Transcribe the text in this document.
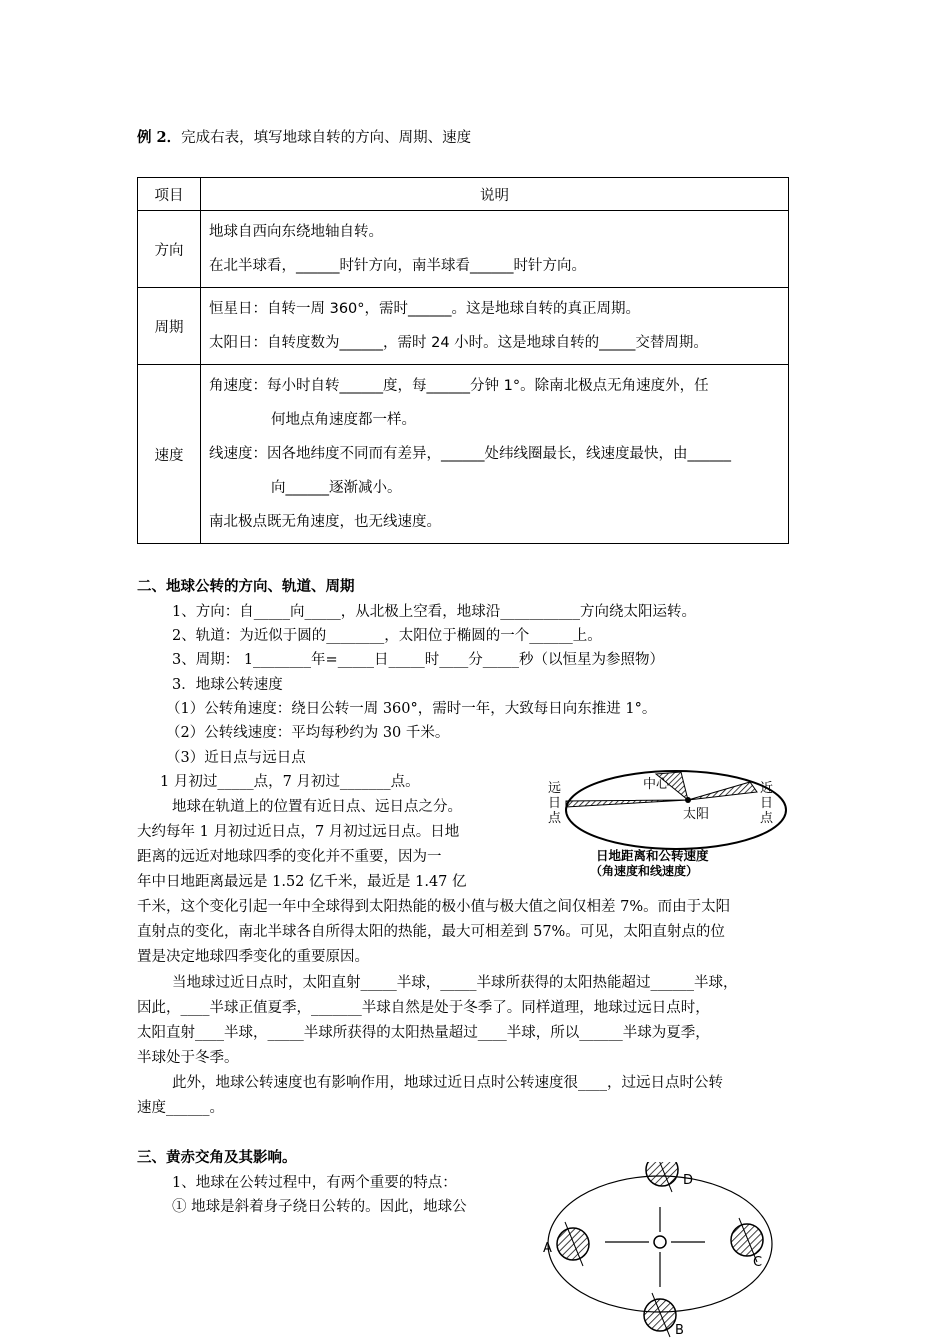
例 2．完成右表，填写地球自转的方向、周期、速度
项目	说明
方向	地球自西向东绕地轴自转。
在北半球看，______时针方向，南半球看______时针方向。

周期	恒星日：自转一周 360°，需时______。这是地球自转的真正周期。
太阳日：自转度数为______，需时 24 小时。这是地球自转的_____交替周期。

速度	角速度：每小时自转______度，每______分钟 1°。除南北极点无角速度外，任
何地点角速度都一样。
线速度：因各地纬度不同而有差异，______处纬线圈最长，线速度最快，由______
向______逐渐减小。
南北极点既无角速度，也无线速度。
二、地球公转的方向、轨道、周期
1、方向：自_____向_____，从北极上空看，地球沿___________方向绕太阳运转。
2、轨道：为近似于圆的________，太阳位于椭圆的一个______上。
3、周期： 1________年=_____日_____时____分_____秒（以恒星为参照物）
3．地球公转速度
（1）公转角速度：绕日公转一周 360°，需时一年，大致每日向东推进 1°。
（2）公转线速度：平均每秒约为 30 千米。
（3）近日点与远日点
1 月初过_____点，7 月初过_______点。
地球在轨道上的位置有近日点、远日点之分。
大约每年 1 月初过近日点，7 月初过远日点。日地
距离的远近对地球四季的变化并不重要，因为一
年中日地距离最远是 1.52 亿千米，最近是 1.47 亿
千米，这个变化引起一年中全球得到太阳热能的极小值与极大值之间仅相差 7%。而由于太阳
直射点的变化，南北半球各自所得太阳的热能，最大可相差到 57%。可见，太阳直射点的位
置是决定地球四季变化的重要原因。
当地球过近日点时，太阳直射_____半球，_____半球所获得的太阳热能超过______半球，
因此，____半球正值夏季，_______半球自然是处于冬季了。同样道理，地球过远日点时，
太阳直射____半球，_____半球所获得的太阳热量超过____半球，所以______半球为夏季，
半球处于冬季。
此外，地球公转速度也有影响作用，地球过近日点时公转速度很____，过远日点时公转
速度______。
中心
太阳
远日点
近日点
日地距离和公转速度
（角速度和线速度）
三、黄赤交角及其影响。
1、地球在公转过程中，有两个重要的特点：
① 地球是斜着身子绕日公转的。因此，地球公
A
B
C
D
